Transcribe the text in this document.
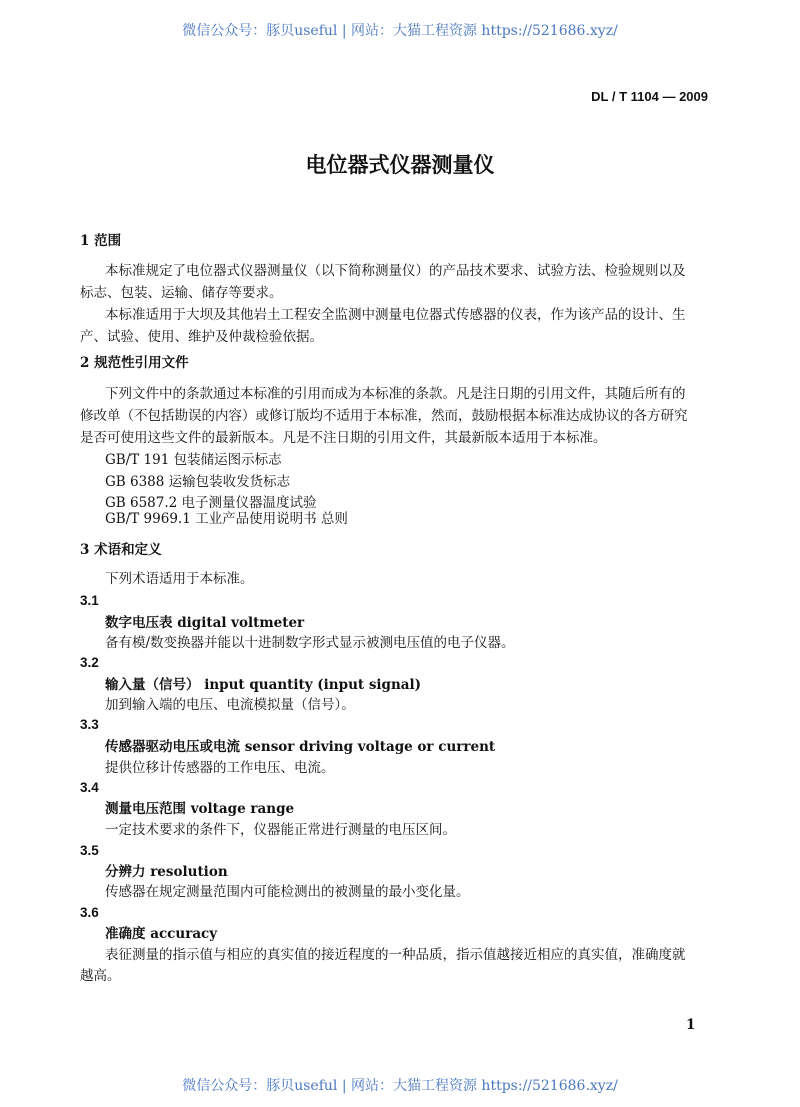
微信公众号：豚贝useful | 网站：大猫工程资源 https://521686.xyz/
DL / T 1104 — 2009
电位器式仪器测量仪
1 范围
本标准规定了电位器式仪器测量仪（以下简称测量仪）的产品技术要求、试验方法、检验规则以及
标志、包装、运输、储存等要求。
本标准适用于大坝及其他岩土工程安全监测中测量电位器式传感器的仪表，作为该产品的设计、生
产、试验、使用、维护及仲裁检验依据。
2 规范性引用文件
下列文件中的条款通过本标准的引用而成为本标准的条款。凡是注日期的引用文件，其随后所有的
修改单（不包括勘误的内容）或修订版均不适用于本标准，然而，鼓励根据本标准达成协议的各方研究
是否可使用这些文件的最新版本。凡是不注日期的引用文件，其最新版本适用于本标准。
GB/T 191 包装储运图示标志
GB 6388 运输包装收发货标志
GB 6587.2 电子测量仪器温度试验
GB/T 9969.1 工业产品使用说明书 总则
3 术语和定义
下列术语适用于本标准。
3.1
数字电压表 digital voltmeter
备有模/数变换器并能以十进制数字形式显示被测电压值的电子仪器。
3.2
输入量（信号） input quantity (input signal)
加到输入端的电压、电流模拟量（信号）。
3.3
传感器驱动电压或电流 sensor driving voltage or current
提供位移计传感器的工作电压、电流。
3.4
测量电压范围 voltage range
一定技术要求的条件下，仪器能正常进行测量的电压区间。
3.5
分辨力 resolution
传感器在规定测量范围内可能检测出的被测量的最小变化量。
3.6
准确度 accuracy
表征测量的指示值与相应的真实值的接近程度的一种品质，指示值越接近相应的真实值，准确度就
越高。
1
微信公众号：豚贝useful | 网站：大猫工程资源 https://521686.xyz/
